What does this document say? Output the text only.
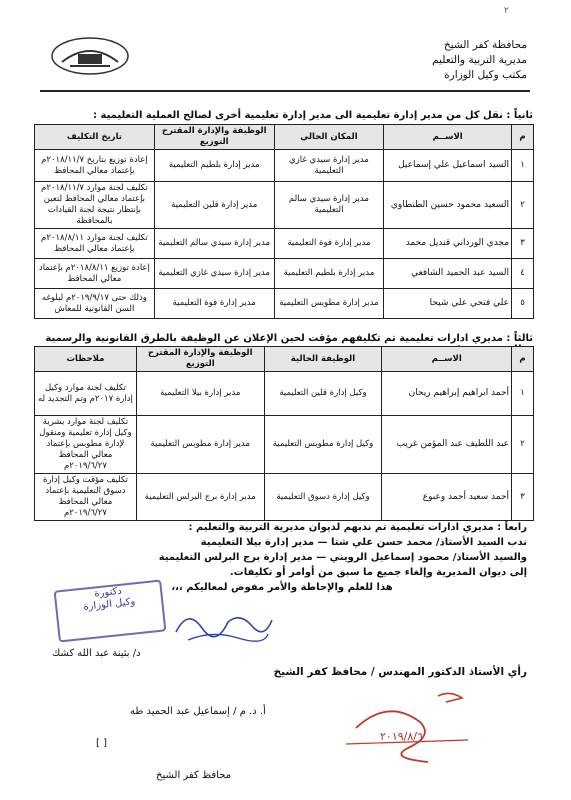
٢
محافظة كفر الشيخ
مديرية التربية والتعليم
مكتب وكيل الوزارة
ثانياً : نقل كل من مدير إدارة تعليمية الى مدير إدارة تعليمية أخرى لصالح العملية التعليمية :
م	الاســم	المكان الحالي	الوظيفة والإدارة المقترح التوزيع	تاريخ التكليف
١	السيد اسماعيل علي إسماعيل	مدير إدارة سيدي غازي التعليمية	مدير إدارة بلطيم التعليمية	إعادة توزيع بتاريخ ٢٠١٨/١١/٧م بإعتماد معالي المحافظ
٢	السعيد محمود حسين الطنطاوي	مدير إدارة سيدي سالم التعليمية	مدير إدارة قلين التعليمية	تكليف لجنة موارد ٢٠١٨/١١/٧م بإعتماد معالي المحافظ لتعين بإنتظار نتيجة لجنة القيادات بالمحافظة
٣	مجدي الورداني قنديل محمد	مدير إدارة فوة التعليمية	مدير إدارة سيدي سالم التعليمية	تكليف لجنة موارد ٢٠١٨/٨/١١م بإعتماد معالي المحافظ
٤	السيد عبد الحميد الشافعي	مدير إدارة بلطيم التعليمية	مدير إدارة سيدي غازي التعليمية	إعادة توزيع ٢٠١٨/٨/١١م بإعتماد معالي المحافظ
٥	علي فتحي علي شيحا	مدير إدارة مطوبس التعليمية	مدير إدارة فوة التعليمية	وذلك حتى ٢٠١٩/٩/١٧م لبلوغه السن القانونية للمعاش
ثالثاً : مديري ادارات تعليمية تم تكليفهم مؤقت لحين الإعلان عن الوظيفة بالطرق القانونية والرسمية
م	الاســم	الوظيفة الحالية	الوظيفة والإدارة المقترح التوزيع	ملاحظات
١	أحمد ابراهيم إبراهيم ريحان	وكيل إدارة قلين التعليمية	مدير إدارة بيلا التعليمية	تكليف لجنة موارد وكيل إدارة ٢٠١٧م وتم التجديد له
٢	عبد اللطيف عبد المؤمن غريب	وكيل إدارة مطوبس التعليمية	مدير إدارة مطوبس التعليمية	تكليف لجنة موارد بشرية وكيل إدارة تعليمية ومنقول لإدارة مطوبس بإعتماد معالي المحافظ ٢٠١٩/٦/٢٧م
٣	أحمد سعيد أحمد وعبوع	وكيل إدارة دسوق التعليمية	مدير إدارة برج البرلس التعليمية	تكليف مؤقت وكيل إدارة دسوق التعليمية بإعتماد معالي المحافظ ٢٠١٩/٦/٢٧م
رابعاً : مديري ادارات تعليمية تم ندبهم لديوان مديرية التربية والتعليم :
ندب السيد الأستاذ/ محمد حسن علي شتا — مدير إدارة بيلا التعليمية
والسيد الأستاذ/ محمود إسماعيل الرويني — مدير إدارة برج البرلس التعليمية
إلى ديوان المديرية وإلغاء جميع ما سبق من أوامر أو تكليفات.
هذا للعلم والإحاطة والأمر مفوض لمعاليكم ،،،
دكتورة
وكيل الوزارة
د/ بثينة عبد الله كشك
رأي الأستاذ الدكتور المهندس / محافظ كفر الشيخ
٢٠١٩/٨/٦
أ. د. م / إسماعيل عبد الحميد طه
[ ]
محافظ كفر الشيخ
